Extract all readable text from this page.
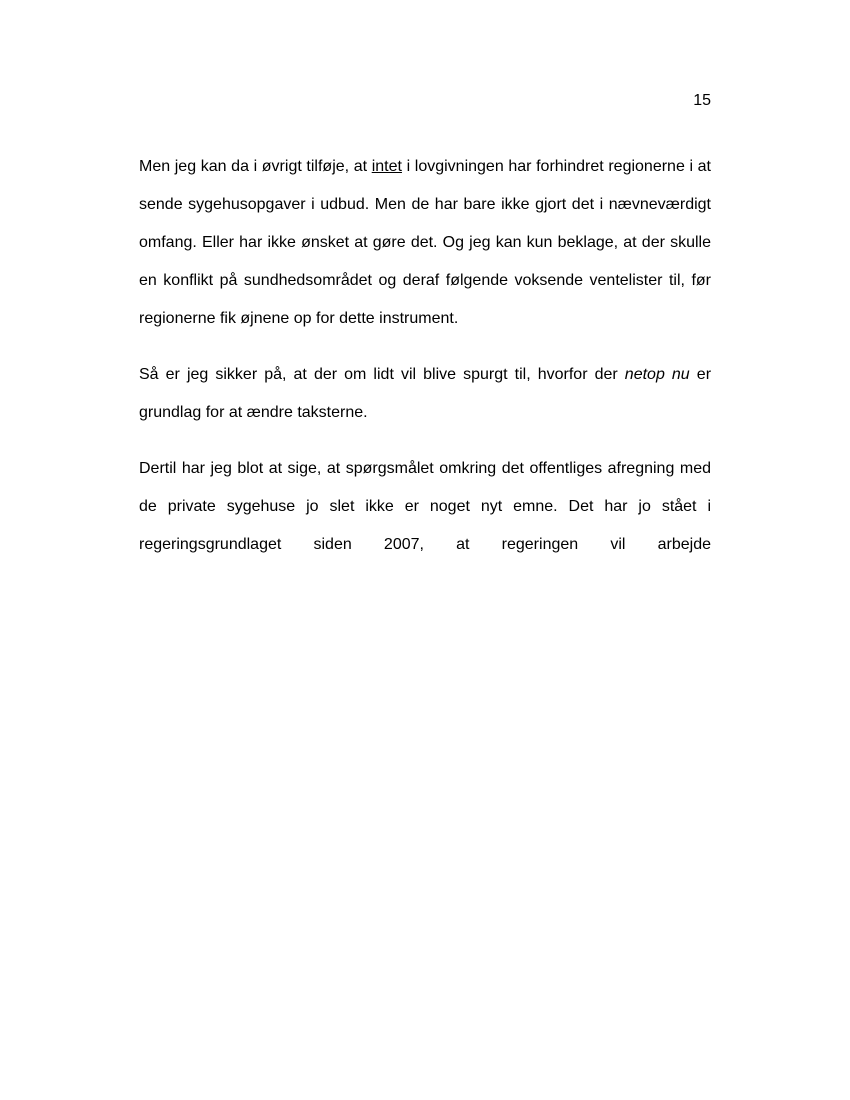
15

Men jeg kan da i øvrigt tilføje, at intet i lovgivningen har forhindret regionerne i at sende sygehusopgaver i udbud. Men de har bare ikke gjort det i nævneværdigt omfang. Eller har ikke ønsket at gøre det. Og jeg kan kun beklage, at der skulle en konflikt på sundhedsområdet og deraf følgende voksende ventelister til, før regionerne fik øjnene op for dette instrument.

Så er jeg sikker på, at der om lidt vil blive spurgt til, hvorfor der netop nu er grundlag for at ændre taksterne.

Dertil har jeg blot at sige, at spørgsmålet omkring det offentliges afregning med de private sygehuse jo slet ikke er noget nyt emne. Det har jo stået i regeringsgrundlaget siden 2007, at regeringen vil arbejde
